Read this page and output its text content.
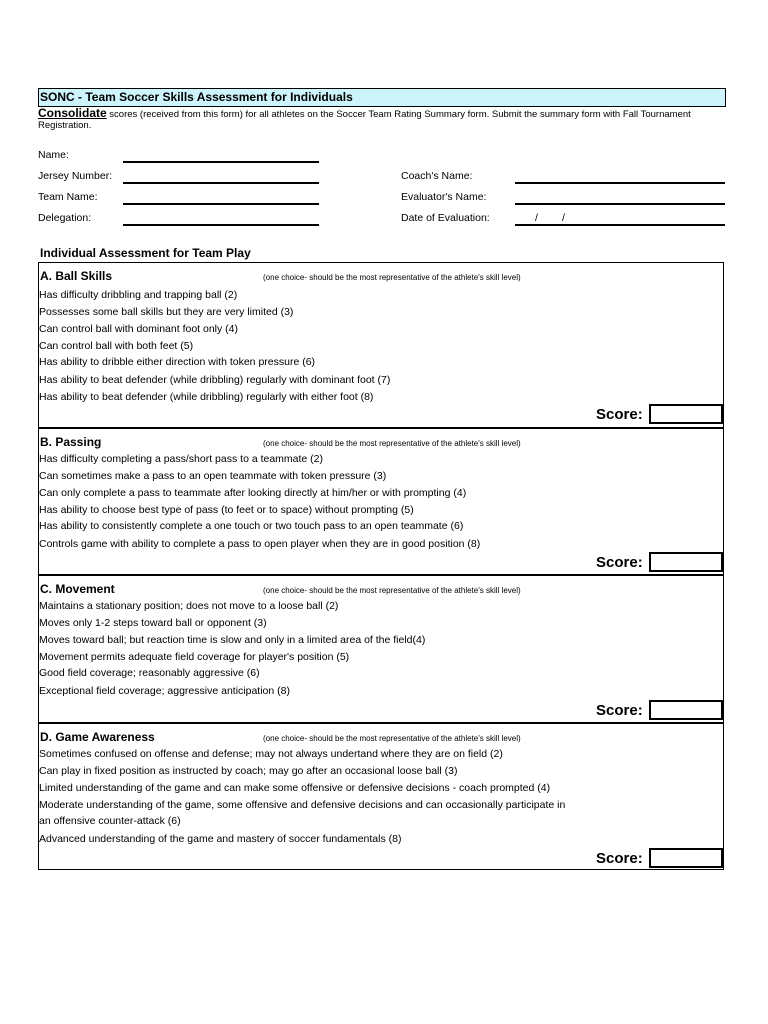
SONC - Team Soccer Skills Assessment for Individuals
Consolidate scores (received from this form) for all athletes on the Soccer Team Rating Summary form. Submit the summary form with Fall Tournament Registration.
Name:
Jersey Number:
Team Name:
Delegation:
Coach's Name:
Evaluator's Name:
Date of Evaluation:	/ /
Individual Assessment for Team Play
A. Ball Skills	(one choice- should be the most representative of the athlete's skill level)
Has difficulty dribbling and trapping ball (2)
Possesses some ball skills but they are very limited (3)
Can control ball with dominant foot only (4)
Can control ball with both feet (5)
Has ability to dribble either direction with token pressure (6)
Has ability to beat defender (while dribbling) regularly with dominant foot (7)
Has ability to beat defender (while dribbling) regularly with either foot (8)
Score:
B. Passing	(one choice- should be the most representative of the athlete's skill level)
Has difficulty completing a pass/short pass to a teammate (2)
Can sometimes make a pass to an open teammate with token pressure (3)
Can only complete a pass to teammate after looking directly at him/her or with prompting (4)
Has ability to choose best type of pass (to feet or to space) without prompting (5)
Has ability to consistently complete a one touch or two touch pass to an open teammate (6)
Controls game with ability to complete a pass to open player when they are in good position (8)
Score:
C. Movement	(one choice- should be the most representative of the athlete's skill level)
Maintains a stationary position; does not move to a loose ball (2)
Moves only 1-2 steps toward ball or opponent (3)
Moves toward ball; but reaction time is slow and only in a limited area of the field(4)
Movement permits adequate field coverage for player's position (5)
Good field coverage; reasonably aggressive (6)
Exceptional field coverage; aggressive anticipation (8)
Score:
D. Game Awareness	(one choice- should be the most representative of the athlete's skill level)
Sometimes confused on offense and defense; may not always undertand where they are on field (2)
Can play in fixed position as instructed by coach; may go after an occasional loose ball (3)
Limited understanding of the game and can make some offensive or defensive decisions - coach prompted (4)
Moderate understanding of the game, some offensive and defensive decisions and can occasionally participate in
an offensive counter-attack (6)
Advanced understanding of the game and mastery of soccer fundamentals (8)
Score:
